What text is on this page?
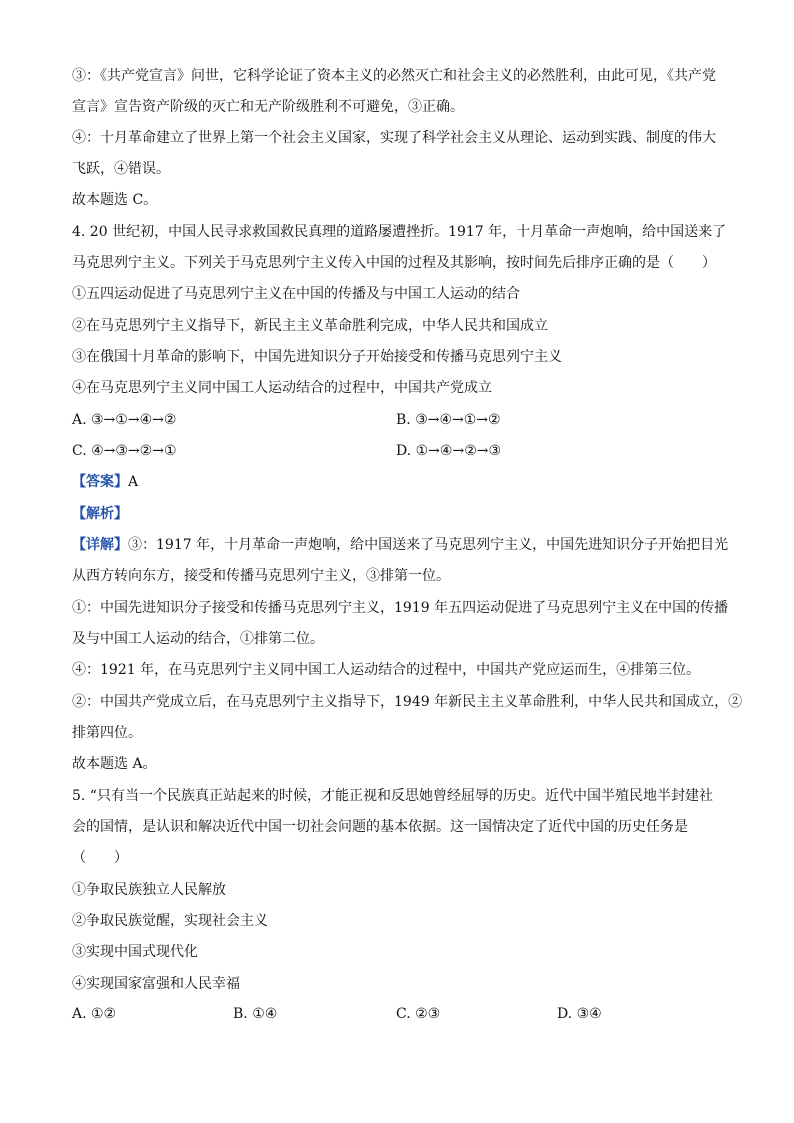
③：《共产党宣言》问世，它科学论证了资本主义的必然灭亡和社会主义的必然胜利，由此可见，《共产党
宣言》宣告资产阶级的灭亡和无产阶级胜利不可避免，③正确。
④：十月革命建立了世界上第一个社会主义国家，实现了科学社会主义从理论、运动到实践、制度的伟大
飞跃，④错误。
故本题选 C。
4. 20 世纪初，中国人民寻求救国救民真理的道路屡遭挫折。1917 年，十月革命一声炮响，给中国送来了
马克思列宁主义。下列关于马克思列宁主义传入中国的过程及其影响，按时间先后排序正确的是（　　）
①五四运动促进了马克思列宁主义在中国的传播及与中国工人运动的结合
②在马克思列宁主义指导下，新民主主义革命胜利完成，中华人民共和国成立
③在俄国十月革命的影响下，中国先进知识分子开始接受和传播马克思列宁主义
④在马克思列宁主义同中国工人运动结合的过程中，中国共产党成立
A. ③→①→④→②	B. ③→④→①→②
C. ④→③→②→①	D. ①→④→②→③
【答案】A
【解析】
【详解】③：1917 年，十月革命一声炮响，给中国送来了马克思列宁主义，中国先进知识分子开始把目光
从西方转向东方，接受和传播马克思列宁主义，③排第一位。
①：中国先进知识分子接受和传播马克思列宁主义，1919 年五四运动促进了马克思列宁主义在中国的传播
及与中国工人运动的结合，①排第二位。
④：1921 年，在马克思列宁主义同中国工人运动结合的过程中，中国共产党应运而生，④排第三位。
②：中国共产党成立后，在马克思列宁主义指导下，1949 年新民主主义革命胜利，中华人民共和国成立，②
排第四位。
故本题选 A。
5. “只有当一个民族真正站起来的时候，才能正视和反思她曾经屈辱的历史。近代中国半殖民地半封建社
会的国情，是认识和解决近代中国一切社会问题的基本依据。这一国情决定了近代中国的历史任务是
（　　）
①争取民族独立人民解放
②争取民族觉醒，实现社会主义
③实现中国式现代化
④实现国家富强和人民幸福
A. ①②	B. ①④	C. ②③	D. ③④
